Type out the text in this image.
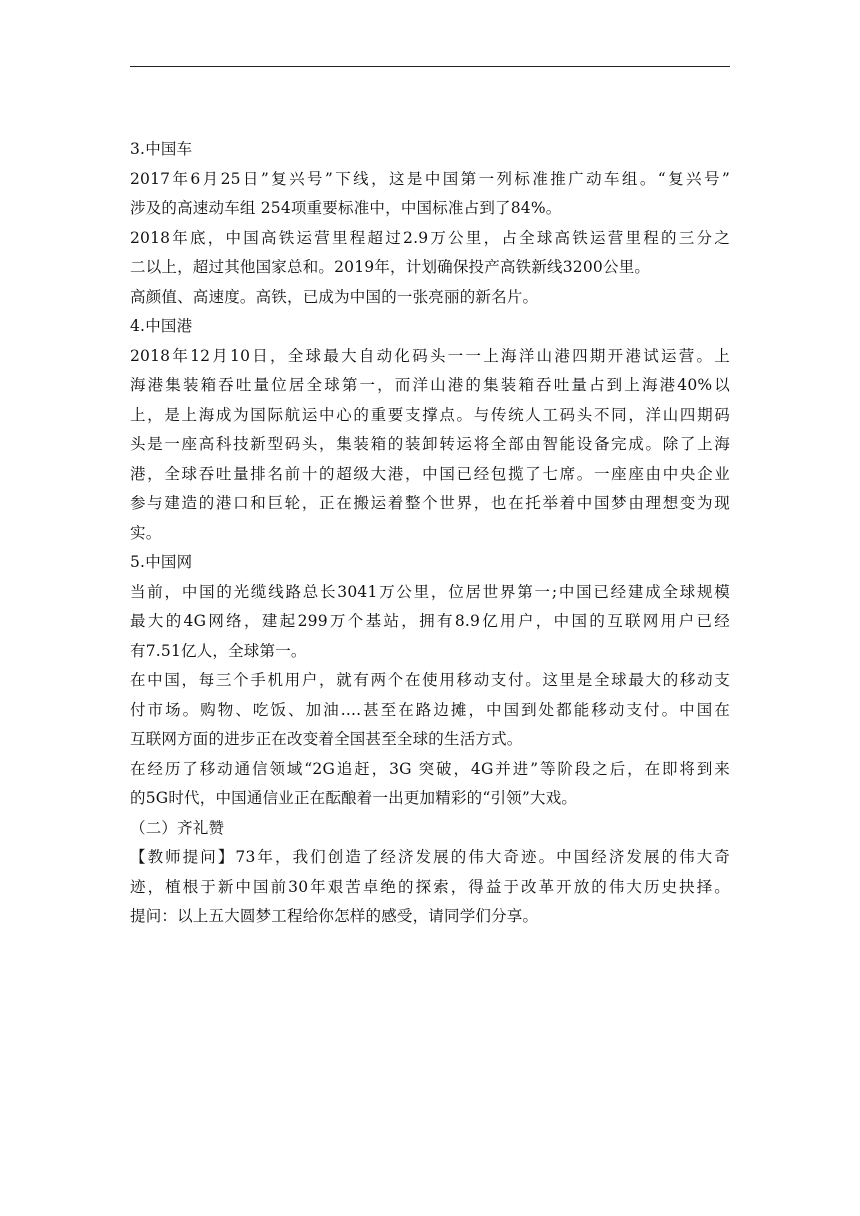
3.中国车
2017年6月25日”复兴号”下线，这是中国第一列标准推广动车组。“复兴号”
涉及的高速动车组 254项重要标准中，中国标准占到了84%。
2018年底，中国高铁运营里程超过2.9万公里，占全球高铁运营里程的三分之
二以上，超过其他国家总和。2019年，计划确保投产高铁新线3200公里。
高颜值、高速度。高铁，已成为中国的一张亮丽的新名片。
4.中国港
2018年12月10日，全球最大自动化码头一一上海洋山港四期开港试运营。上
海港集装箱吞吐量位居全球第一，而洋山港的集装箱吞吐量占到上海港40%以
上，是上海成为国际航运中心的重要支撑点。与传统人工码头不同，洋山四期码
头是一座高科技新型码头，集装箱的装卸转运将全部由智能设备完成。除了上海
港，全球吞吐量排名前十的超级大港，中国已经包揽了七席。一座座由中央企业
参与建造的港口和巨轮，正在搬运着整个世界，也在托举着中国梦由理想变为现
实。
5.中国网
当前，中国的光缆线路总长3041万公里，位居世界第一;中国已经建成全球规模
最大的4G网络，建起299万个基站，拥有8.9亿用户，中国的互联网用户已经
有7.51亿人，全球第一。
在中国，每三个手机用户，就有两个在使用移动支付。这里是全球最大的移动支
付市场。购物、吃饭、加油....甚至在路边摊，中国到处都能移动支付。中国在
互联网方面的进步正在改变着全国甚至全球的生活方式。
在经历了移动通信领域“2G追赶，3G 突破，4G并进”等阶段之后，在即将到来
的5G时代，中国通信业正在酝酿着一出更加精彩的“引领”大戏。
（二）齐礼赞
【教师提问】73年，我们创造了经济发展的伟大奇迹。中国经济发展的伟大奇
迹，植根于新中国前30年艰苦卓绝的探索，得益于改革开放的伟大历史抉择。
提问：以上五大圆梦工程给你怎样的感受，请同学们分享。
